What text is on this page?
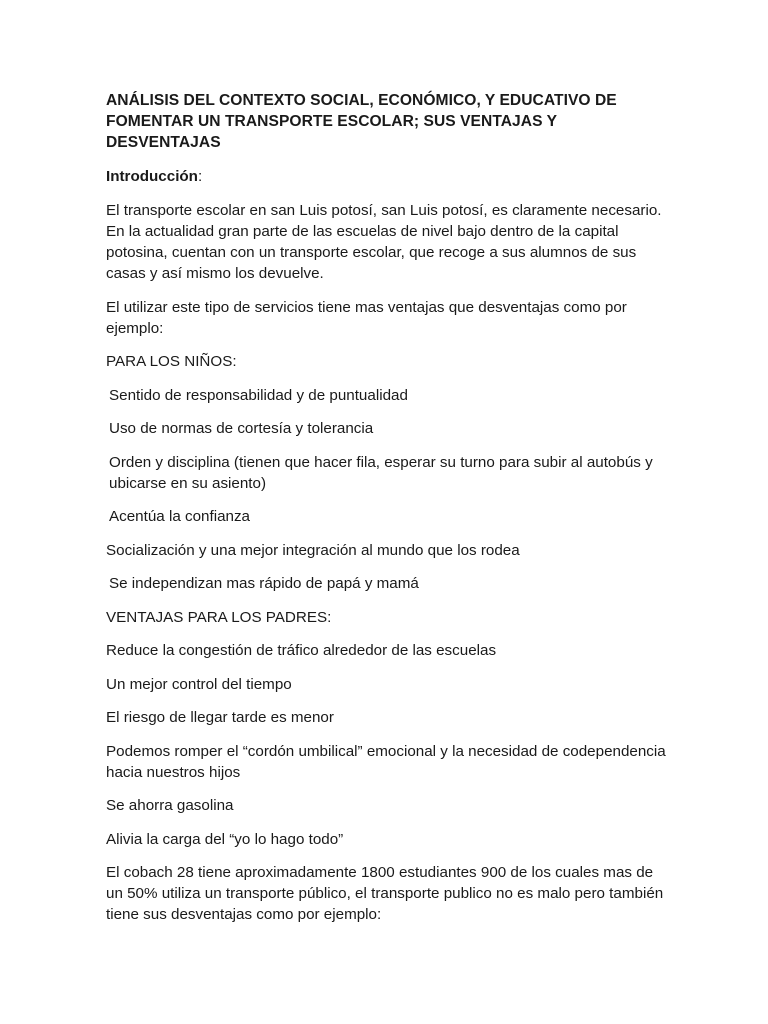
ANÁLISIS DEL CONTEXTO SOCIAL, ECONÓMICO, Y EDUCATIVO DE FOMENTAR UN TRANSPORTE ESCOLAR; SUS VENTAJAS Y DESVENTAJAS
Introducción:
El transporte escolar en san Luis potosí, san Luis potosí, es claramente necesario. En la actualidad gran parte de las escuelas de nivel bajo dentro de la capital potosina, cuentan con un transporte escolar, que recoge a sus alumnos de sus casas y así mismo los devuelve.
El utilizar este tipo de servicios tiene mas ventajas que desventajas como por ejemplo:
PARA LOS NIÑOS:
Sentido de responsabilidad y de puntualidad
Uso de normas de cortesía y tolerancia
Orden y disciplina (tienen que hacer fila, esperar su turno para subir al autobús y ubicarse en su asiento)
Acentúa la confianza
Socialización y una mejor integración al mundo que los rodea
Se independizan mas rápido de papá y mamá
VENTAJAS PARA LOS PADRES:
Reduce la congestión de tráfico alrededor de las escuelas
Un mejor control del tiempo
El riesgo de llegar tarde es menor
Podemos romper el “cordón umbilical” emocional y la necesidad de codependencia hacia nuestros hijos
Se ahorra gasolina
Alivia la carga del “yo lo hago todo”
El cobach 28 tiene aproximadamente 1800 estudiantes 900 de los cuales mas de un 50% utiliza un transporte público, el transporte publico no es malo pero también tiene sus desventajas como por ejemplo:
